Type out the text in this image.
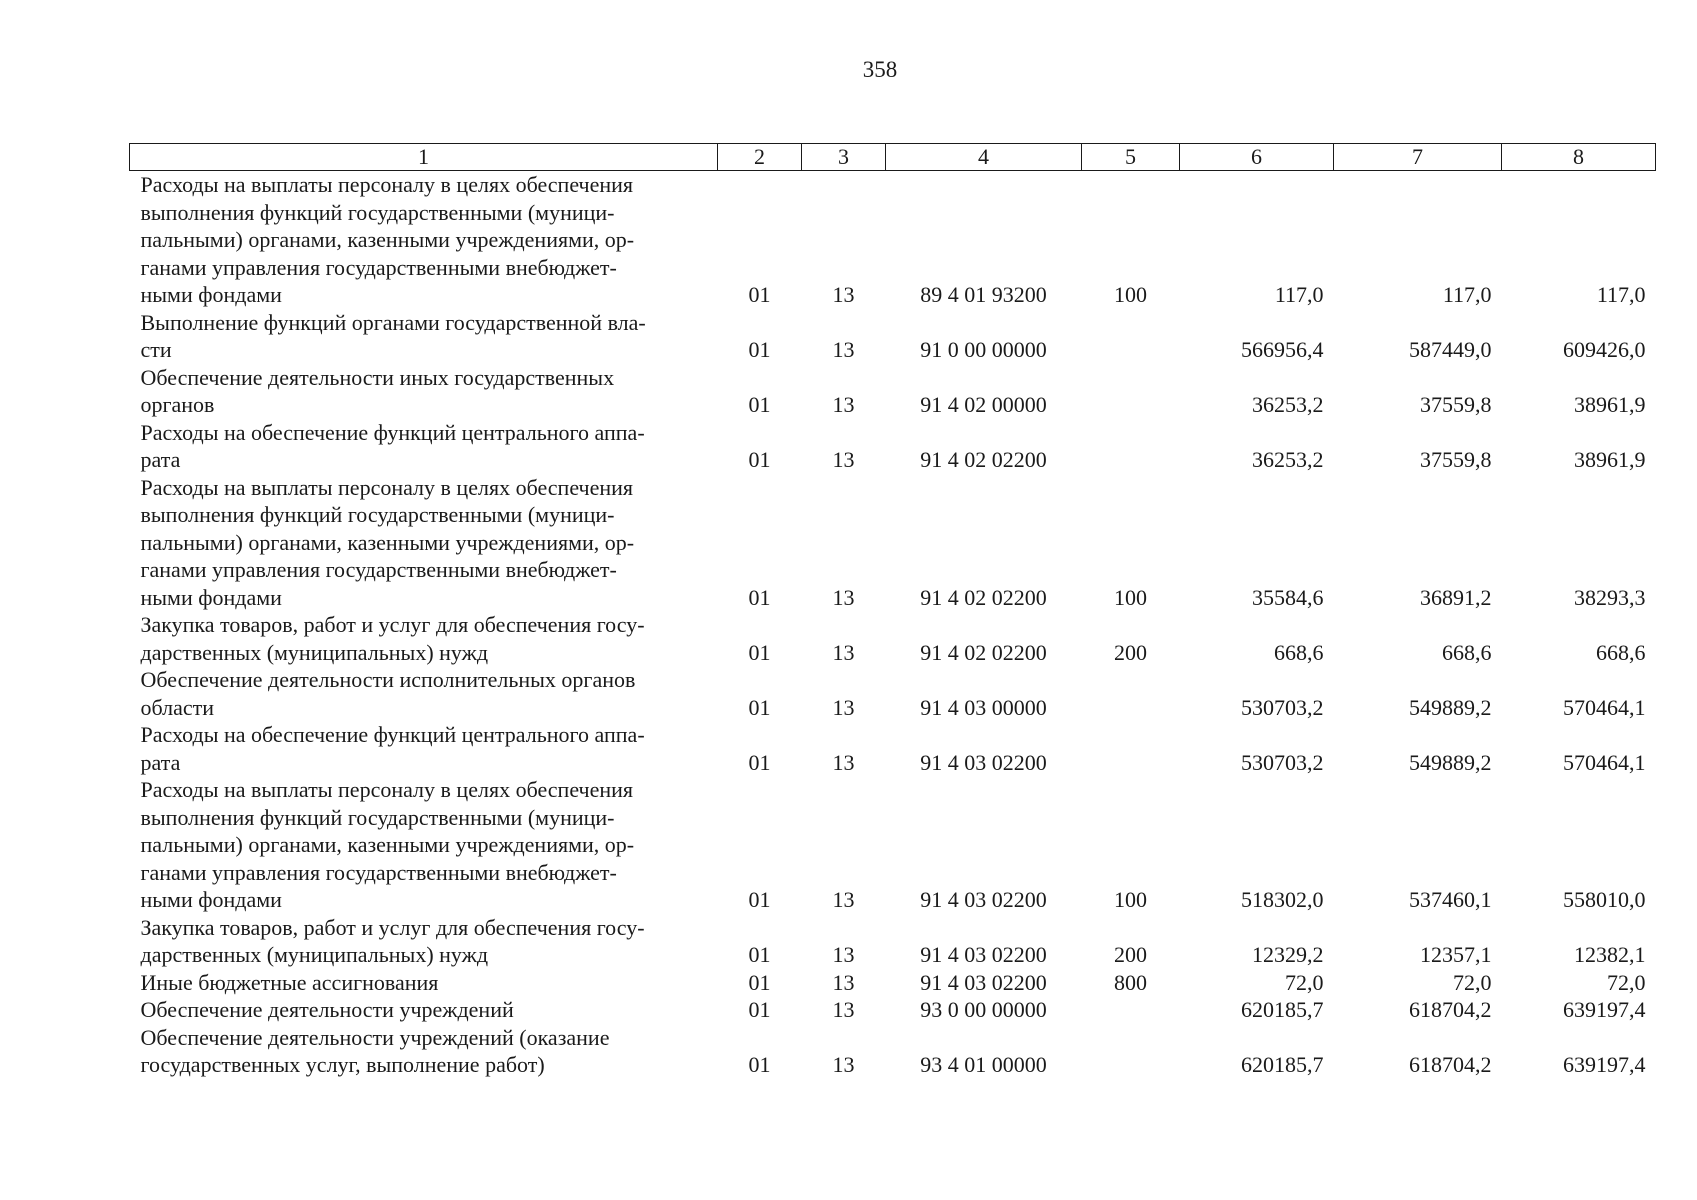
358
1	2	3	4	5	6	7	8
Расходы на выплаты персоналу в целях обеспечения
выполнения функций государственными (муници-
пальными) органами, казенными учреждениями, ор-
ганами управления государственными внебюджет-
ными фондами	01	13	89 4 01 93200	100	117,0	117,0	117,0
Выполнение функций органами государственной вла-
сти	01	13	91 0 00 00000		566956,4	587449,0	609426,0
Обеспечение деятельности иных государственных
органов	01	13	91 4 02 00000		36253,2	37559,8	38961,9
Расходы на обеспечение функций центрального аппа-
рата	01	13	91 4 02 02200		36253,2	37559,8	38961,9
Расходы на выплаты персоналу в целях обеспечения
выполнения функций государственными (муници-
пальными) органами, казенными учреждениями, ор-
ганами управления государственными внебюджет-
ными фондами	01	13	91 4 02 02200	100	35584,6	36891,2	38293,3
Закупка товаров, работ и услуг для обеспечения госу-
дарственных (муниципальных) нужд	01	13	91 4 02 02200	200	668,6	668,6	668,6
Обеспечение деятельности исполнительных органов
области	01	13	91 4 03 00000		530703,2	549889,2	570464,1
Расходы на обеспечение функций центрального аппа-
рата	01	13	91 4 03 02200		530703,2	549889,2	570464,1
Расходы на выплаты персоналу в целях обеспечения
выполнения функций государственными (муници-
пальными) органами, казенными учреждениями, ор-
ганами управления государственными внебюджет-
ными фондами	01	13	91 4 03 02200	100	518302,0	537460,1	558010,0
Закупка товаров, работ и услуг для обеспечения госу-
дарственных (муниципальных) нужд	01	13	91 4 03 02200	200	12329,2	12357,1	12382,1
Иные бюджетные ассигнования	01	13	91 4 03 02200	800	72,0	72,0	72,0
Обеспечение деятельности учреждений	01	13	93 0 00 00000		620185,7	618704,2	639197,4
Обеспечение деятельности учреждений (оказание
государственных услуг, выполнение работ)	01	13	93 4 01 00000		620185,7	618704,2	639197,4
